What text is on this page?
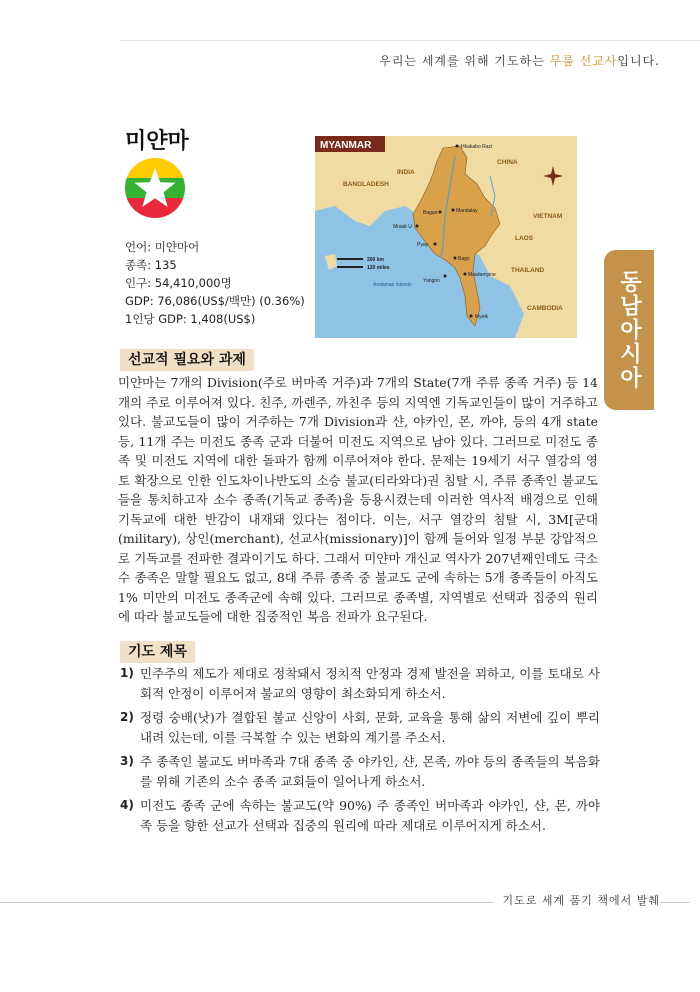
우리는 세계를 위해 기도하는 무릎 선교사입니다.
미얀마
언어: 미얀마어
종족: 135
인구: 54,410,000명
GDP: 76,086(US$/백만) (0.36%)
1인당 GDP: 1,408(US$)
MYANMAR
CHINA
INDIA
BANGLADESH
VIETNAM
LAOS
THAILAND
CAMBODIA
Hkakabo Razi
Bagan	Mandalay
Mrauk U
Pyay
Yangon
Bago
Mawlamyine
Myeik
Andaman Islands
200 km
120 miles
동남아시아
선교적 필요와 과제
미얀마는 7개의 Division(주로 버마족 거주)과 7개의 State(7개 주류 종족 거주) 등 14개의 주로 이루어져 있다. 친주, 까렌주, 까친주 등의 지역엔 기독교인들이 많이 거주하고 있다. 불교도들이 많이 거주하는 7개 Division과 샨, 야카인, 몬, 까야, 등의 4개 state 등, 11개 주는 미전도 종족 군과 더불어 미전도 지역으로 남아 있다. 그러므로 미전도 종족 및 미전도 지역에 대한 돌파가 함께 이루어져야 한다. 문제는 19세기 서구 열강의 영토 확장으로 인한 인도차이나반도의 소승 불교(티라와다)권 침탈 시, 주류 종족인 불교도들을 통치하고자 소수 종족(기독교 종족)을 등용시켰는데 이러한 역사적 배경으로 인해 기독교에 대한 반감이 내재돼 있다는 점이다. 이는, 서구 열강의 침탈 시, 3M[군대(military), 상인(merchant), 선교사(missionary)]이 함께 들어와 일정 부분 강압적으로 기독교를 전파한 결과이기도 하다. 그래서 미얀마 개신교 역사가 207년째인데도 극소수 종족은 말할 필요도 없고, 8대 주류 종족 중 불교도 군에 속하는 5개 종족들이 아직도 1% 미만의 미전도 종족군에 속해 있다. 그러므로 종족별, 지역별로 선택과 집중의 원리에 따라 불교도들에 대한 집중적인 복음 전파가 요구된다.
기도 제목
1) 민주주의 제도가 제대로 정착돼서 정치적 안정과 경제 발전을 꾀하고, 이를 토대로 사회적 안정이 이루어져 불교의 영향이 최소화되게 하소서.
2) 정령 숭배(낫)가 결합된 불교 신앙이 사회, 문화, 교육을 통해 삶의 저변에 깊이 뿌리 내려 있는데, 이를 극복할 수 있는 변화의 계기를 주소서.
3) 주 종족인 불교도 버마족과 7대 종족 중 야카인, 샨, 몬족, 까야 등의 종족들의 복음화를 위해 기존의 소수 종족 교회들이 일어나게 하소서.
4) 미전도 종족 군에 속하는 불교도(약 90%) 주 종족인 버마족과 야카인, 샨, 몬, 까야 족 등을 향한 선교가 선택과 집중의 원리에 따라 제대로 이루어지게 하소서.
기도로 세계 품기 책에서 발췌
